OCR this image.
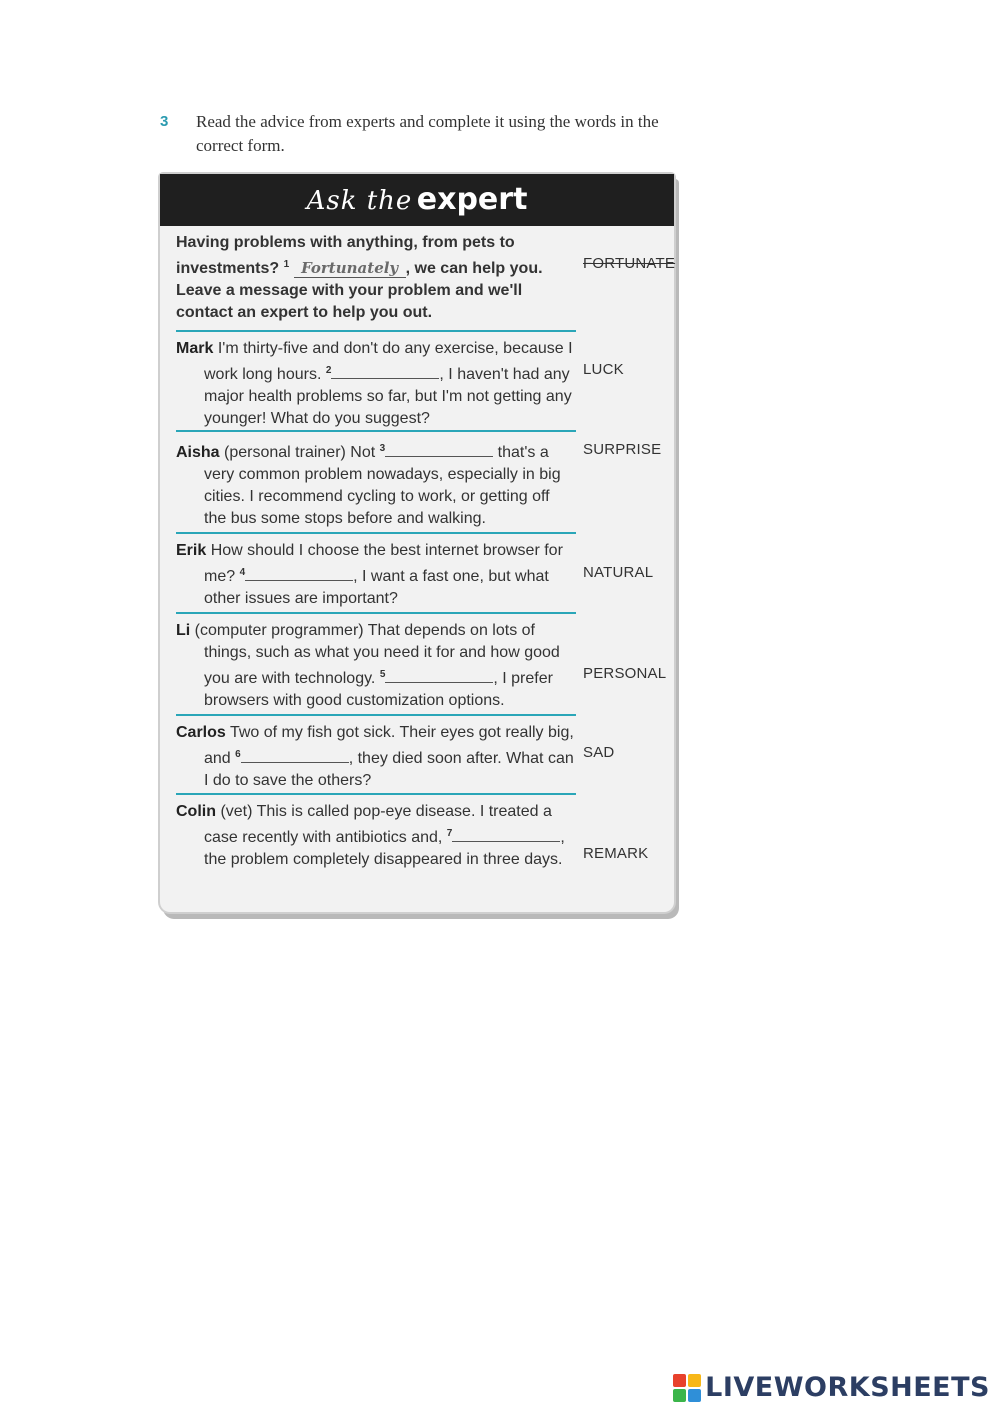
3 Read the advice from experts and complete it using the words in the correct form.
Ask the expert
Having problems with anything, from pets to
investments? $^1$ Fortunately , we can help you.
Leave a message with your problem and we'll
contact an expert to help you out.
FORTUNATE
Mark I'm thirty-five and don't do any exercise, because I work long hours. $^2$	, I haven't had any major health problems so far, but I'm not getting any younger! What do you suggest?
LUCK
Aisha (personal trainer) Not $^3$	that's a very common problem nowadays, especially in big cities. I recommend cycling to work, or getting off the bus some stops before and walking.
SURPRISE
Erik How should I choose the best internet browser for me? $^4$	, I want a fast one, but what other issues are important?
NATURAL
Li (computer programmer) That depends on lots of things, such as what you need it for and how good you are with technology. $^5$	, I prefer browsers with good customization options.
PERSONAL
Carlos Two of my fish got sick. Their eyes got really big, and $^6$	, they died soon after. What can I do to save the others?
SAD
Colin (vet) This is called pop-eye disease. I treated a case recently with antibiotics and, $^7$	, the problem completely disappeared in three days.	REMARK
LIVEWORKSHEETS
